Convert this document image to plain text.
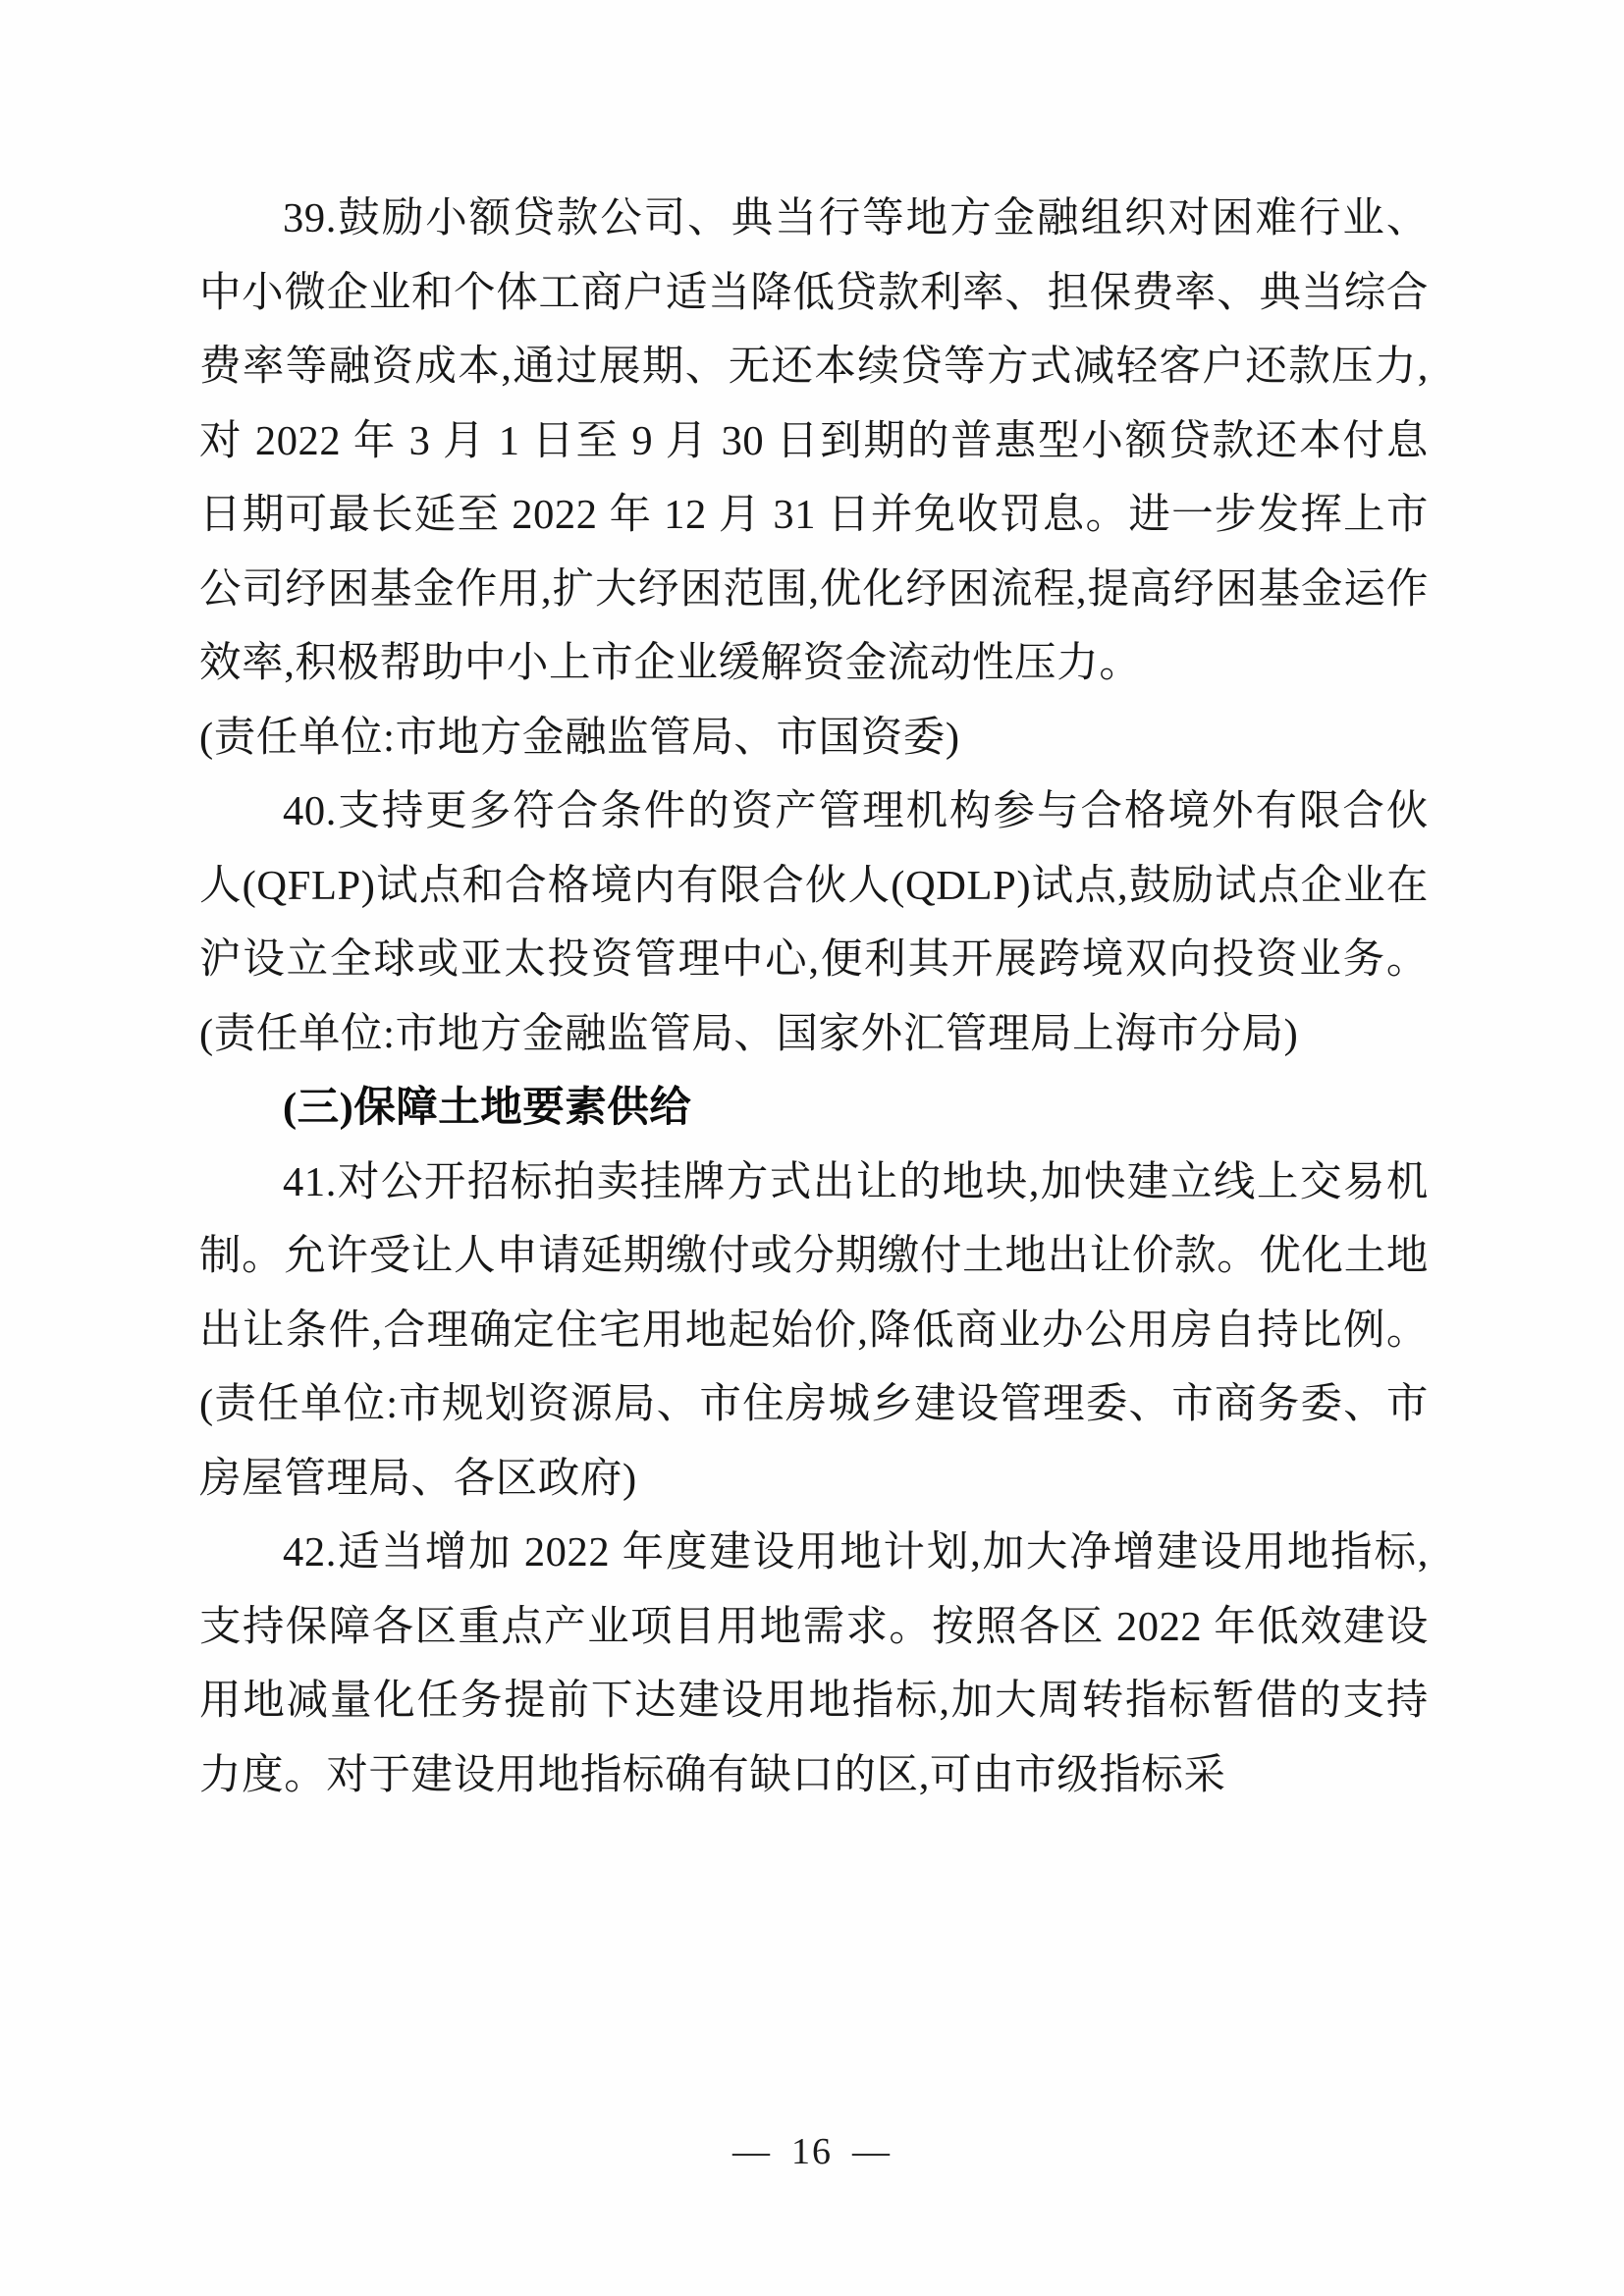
39.鼓励小额贷款公司、典当行等地方金融组织对困难行业、中小微企业和个体工商户适当降低贷款利率、担保费率、典当综合费率等融资成本,通过展期、无还本续贷等方式减轻客户还款压力,对 2022 年 3 月 1 日至 9 月 30 日到期的普惠型小额贷款还本付息日期可最长延至 2022 年 12 月 31 日并免收罚息。进一步发挥上市公司纾困基金作用,扩大纾困范围,优化纾困流程,提高纾困基金运作效率,积极帮助中小上市企业缓解资金流动性压力。

(责任单位:市地方金融监管局、市国资委)

40.支持更多符合条件的资产管理机构参与合格境外有限合伙人(QFLP)试点和合格境内有限合伙人(QDLP)试点,鼓励试点企业在沪设立全球或亚太投资管理中心,便利其开展跨境双向投资业务。(责任单位:市地方金融监管局、国家外汇管理局上海市分局)

(三)保障土地要素供给

41.对公开招标拍卖挂牌方式出让的地块,加快建立线上交易机制。允许受让人申请延期缴付或分期缴付土地出让价款。优化土地出让条件,合理确定住宅用地起始价,降低商业办公用房自持比例。(责任单位:市规划资源局、市住房城乡建设管理委、市商务委、市房屋管理局、各区政府)

42.适当增加 2022 年度建设用地计划,加大净增建设用地指标,支持保障各区重点产业项目用地需求。按照各区 2022 年低效建设用地减量化任务提前下达建设用地指标,加大周转指标暂借的支持力度。对于建设用地指标确有缺口的区,可由市级指标采

— 16 —
